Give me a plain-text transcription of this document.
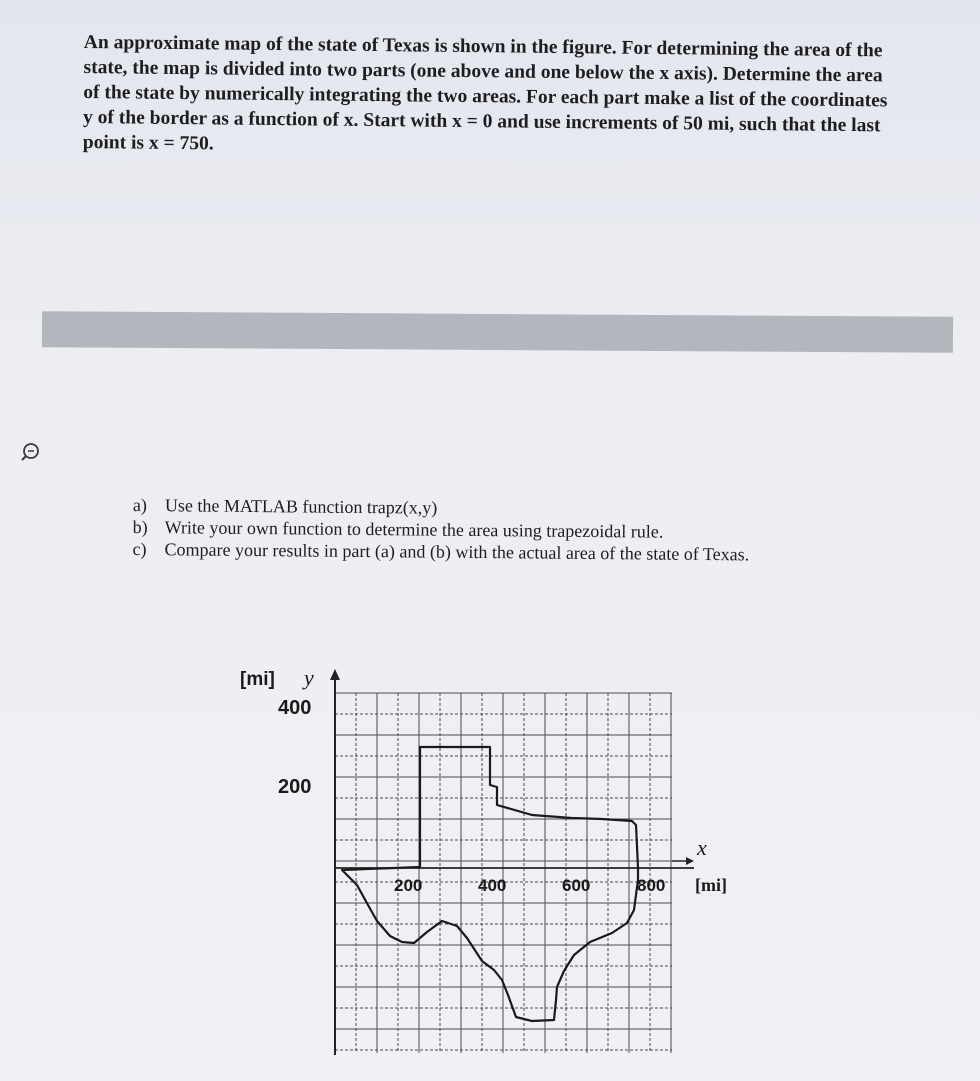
An approximate map of the state of Texas is shown in the figure. For determining the area of the
state, the map is divided into two parts (one above and one below the x axis). Determine the area
of the state by numerically integrating the two areas. For each part make a list of the coordinates
y of the border as a function of x. Start with x = 0 and use increments of 50 mi, such that the last
point is x = 750.
a) Use the MATLAB function trapz(x,y)
b) Write your own function to determine the area using trapezoidal rule.
c) Compare your results in part (a) and (b) with the actual area of the state of Texas.
[mi] y
400
200
200	400	600	800 [mi]
x
